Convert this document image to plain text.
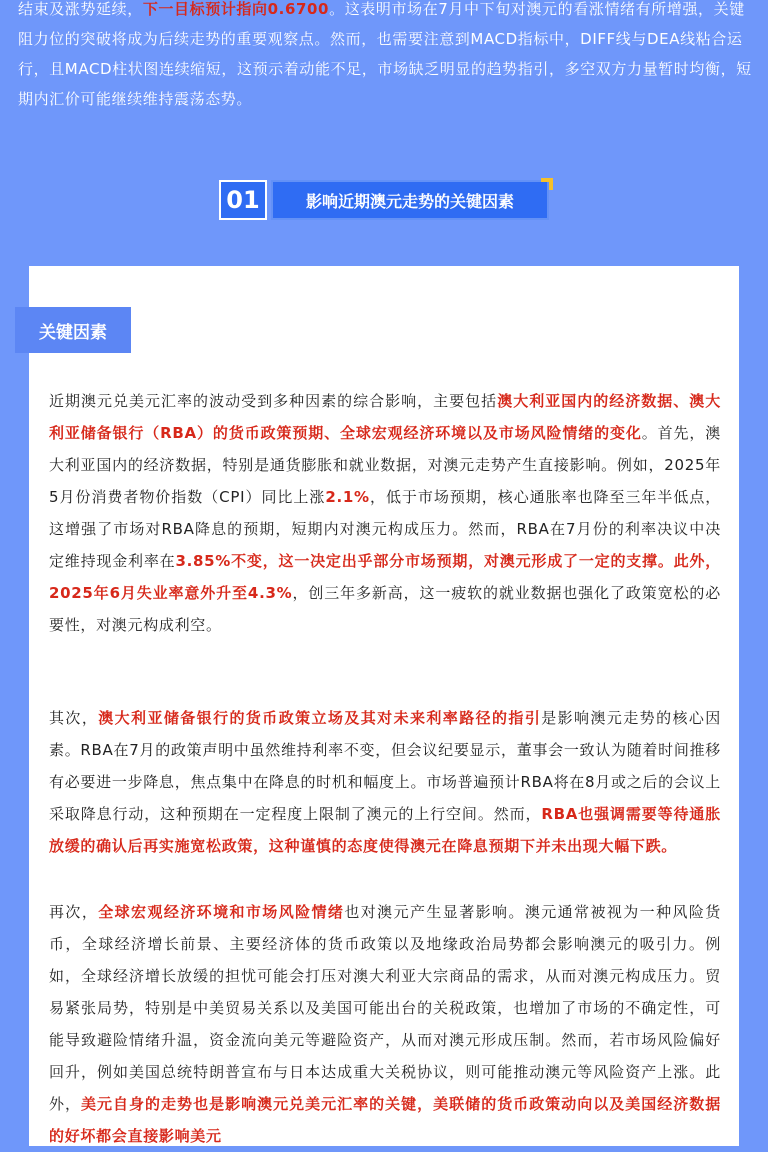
结束及涨势延续，下一目标预计指向0.6700。这表明市场在7月中下旬对澳元的看涨情绪有所增强，关键阻力位的突破将成为后续走势的重要观察点。然而，也需要注意到MACD指标中，DIFF线与DEA线粘合运行，且MACD柱状图连续缩短，这预示着动能不足，市场缺乏明显的趋势指引，多空双方力量暂时均衡，短期内汇价可能继续维持震荡态势。

01	影响近期澳元走势的关键因素
关键因素

近期澳元兑美元汇率的波动受到多种因素的综合影响，主要包括澳大利亚国内的经济数据、澳大利亚储备银行（RBA）的货币政策预期、全球宏观经济环境以及市场风险情绪的变化。首先，澳大利亚国内的经济数据，特别是通货膨胀和就业数据，对澳元走势产生直接影响。例如，2025年5月份消费者物价指数（CPI）同比上涨2.1%，低于市场预期，核心通胀率也降至三年半低点，这增强了市场对RBA降息的预期，短期内对澳元构成压力。然而，RBA在7月份的利率决议中决定维持现金利率在3.85%不变，这一决定出乎部分市场预期，对澳元形成了一定的支撑。此外，2025年6月失业率意外升至4.3%，创三年多新高，这一疲软的就业数据也强化了政策宽松的必要性，对澳元构成利空。

其次，澳大利亚储备银行的货币政策立场及其对未来利率路径的指引是影响澳元走势的核心因素。RBA在7月的政策声明中虽然维持利率不变，但会议纪要显示，董事会一致认为随着时间推移有必要进一步降息，焦点集中在降息的时机和幅度上。市场普遍预计RBA将在8月或之后的会议上采取降息行动，这种预期在一定程度上限制了澳元的上行空间。然而，RBA也强调需要等待通胀放缓的确认后再实施宽松政策，这种谨慎的态度使得澳元在降息预期下并未出现大幅下跌。

再次，全球宏观经济环境和市场风险情绪也对澳元产生显著影响。澳元通常被视为一种风险货币，全球经济增长前景、主要经济体的货币政策以及地缘政治局势都会影响澳元的吸引力。例如，全球经济增长放缓的担忧可能会打压对澳大利亚大宗商品的需求，从而对澳元构成压力。贸易紧张局势，特别是中美贸易关系以及美国可能出台的关税政策，也增加了市场的不确定性，可能导致避险情绪升温，资金流向美元等避险资产，从而对澳元形成压制。然而，若市场风险偏好回升，例如美国总统特朗普宣布与日本达成重大关税协议，则可能推动澳元等风险资产上涨。此外，美元自身的走势也是影响澳元兑美元汇率的关键，美联储的货币政策动向以及美国经济数据的好坏都会直接影响美元
